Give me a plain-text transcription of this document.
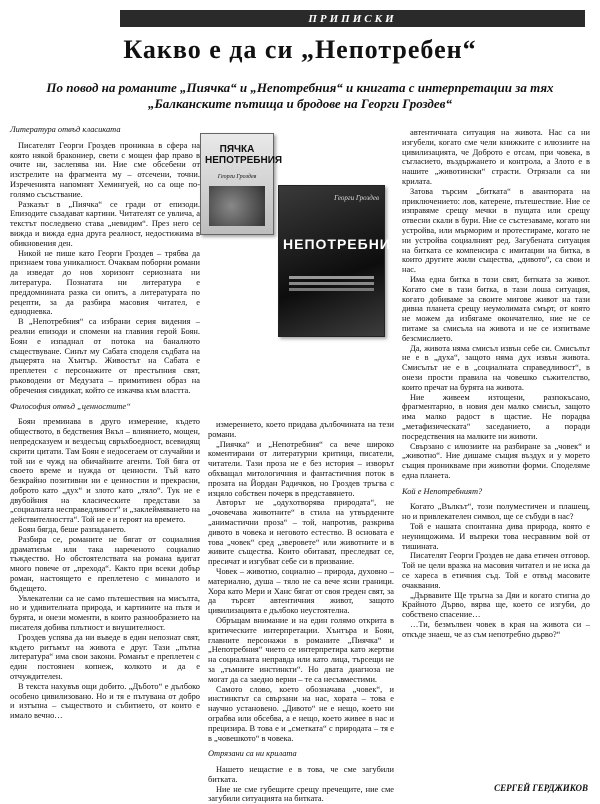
ПРИПИСКИ
Какво е да си „Непотребен“
По повод на романите „Пиячка“ и „Непотребния“ и книгата с интерпретации за тях „Балканските пътища и бродове на Георги Гроздев“

Литература отвъд класиката

Писателят Георги Гроздев проникна в сфера на която някой бракониер, свети с мощен фар право в очите ни, заслепява ни. Ние сме обсебени от изстрелите на фрагмента му – отсечени, точни. Изреченията напомнят Хемингуей, но са още по-голямо съсъствание.

Разказът в „Пиячка“ се гради от епизоди. Епизодите съзадават картини. Читателят се увлича, а текстът последвено става „невидим“. През него се вижда и вижда една друга реалност, недостижима в обикновения ден.

Никой не пише като Георги Гроздев – трябва да признаем това уникалност. Очаквам поборни романи да изведат до нов хоризонт сериозната ни литература. Познатата ни литература е преддомнината разка си опитъ, а литературата по рецепти, за да разбира масовия читател, е еднодневка.

В „Непотребния“ са избрани серия видения – реални епизоди и спомени на главния герой Боян. Боян е изпаднал от потока на баналното съществуване. Синът му Сабата споделя съдбата на дъщерята на Хънтър. Живостът на Сабата е преплетен с персонажите от престъпния свят, ръководени от Медузата – примитивен образ на обречения синдикат, който се изкачва към властта.

Философия отвъд „ценностите“

Боян преминава в друго измерение, където обществото, в бедствения Вкъл – влиянието, мощен, непредсказуем и вездесъщ свръхбоедност, всевидящ скрити цитати. Там Боян е недосегаем от случайни и той ни е чужд на обичайните агенти. Той бяга от своето време и нужда от ценности. Тъй като безкрайно позитивни ни е ценностни и прекрасни, доброто като „дух“ и злото като „тяло“. Тук не е двубойния на класическите представи за „социалната несправедливост“ и „заклеймяването на действителността“. Той не е и героят на времето.

Боян бягда, беше разпадането.

Разбира се, романите не бягат от социалния драматизъм или така нареченото социално тъждество. Но обстоятелствата на романа вдигат много повече от „прехода“. Както при всеки добър роман, настоящето е преплетено с миналото и бъдещето.

Увлекателни са не само пътешествия на мисълта, но и удивителната природа, и картините на пътя и бурята, и онези моменти, в които разнообразието на писателя добива плътност и внушителност.

Гроздев успява да ни въведе в един непознат свят, където ритъмът на живота е друг. Тази „пътна литература“ има свои закони. Романът е преплетен с един постоянен копнеж, колкото и да е отчуждителен.

В текста нахувъв ощи добито. „Дъбото“ е дълбоко особено цивилизовано. Но и тя е пътувана от добро и изтъпна – съществото и събитието, от които е имало вечно…

ПЯЧКА НЕПОТРЕБНИЯ
Георги Гроздев
Георги Гроздев
НЕПОТРЕБНИЯ

измерението, което придава дълбочината на тези романи.

„Пиячка“ и „Непотребния“ са вече широко коментирани от литературни критици, писатели, читатели. Тази проза не е без история – изворът обхващал митологичния и фантастичния поток в прозата на Йордан Радичков, но Гроздев тръгва с изцяло собствен почерк в представянето.

Авторът не „одухотворява природата“, не „очовечава животните“ в стила на утвърдените „анимастични проза“ – той, напротив, разкрива дивото в човека и неговото естество. В основата е това „човек“ сред „зверовете“ или животните и в живите същества. Които обитават, преследват се, пресичат и изгубват себе си в призвание.

Човек – животно, социално – природа, духовно – материално, душа – тяло не са вече ясни граници. Хора като Мери и Ханс бягат от своя греден свят, за да търсят автентичния живот, защото цивилизацията е дълбоко неустоятелна.

Обръщам внимание и на един голямо открита в критическите интерпретации. Хънтъра и Боян, главните персонажи в романите „Пиячка“ и „Непотребния“ чието се интерпретира като жертви на социалната неправда или като лица, търсещи не за „тъмните инстинкти“. Но двата диагноза не могат да са заедно верни – те са несъвместими.

Самото слово, което обозначава „човек“, и инстинктът са свързани на нас, хората – това е научно установено. „Дивото“ не е нещо, което ни ограбва или обсебва, а е нещо, което живее в нас и прецизира. В това е и „сметката“ с природата – тя е в „човешкото“ в човека.

Отрязани са ни крилата

Нашето нещастие е в това, че сме загубили битката.

Ние не сме губещите срещу пречещите, ние сме загубили ситуацията на битката.

автентичната ситуация на живота. Нас са ни изгубели, когато сме чели книжките с илюзиите на цивилизацията, че Доброто е отсам, при човека, в съгласието, въздържането и контрола, а Злото е в нашите „животински“ страсти. Отрязали са ни крилата.

Затова търсим „битката“ в авантюрата на приключението: лов, катерене, пътешествие. Ние се изправяме срещу мечки в пущата или срещу отвесни скали в бури. Ние се състезаваме, когато ни устройва, или мърморим и протестираме, когато не ни устройва социалният ред. Загубената ситуация на битката се компенсира с имитации на битка, в които другите жили същества, „дивото“, са свои и нас.

Има една битка в този свят, битката за живот. Когато сме в тази битка, в тази лоша ситуация, когато добиваме за своите мигове живот на тази дивна планета срещу неумолимата смърт, от която не можем да избягаме окончателно, ние не се питаме за смисъла на живота и не се изпитваме безсмислието.

Да, живота няма смисъл извън себе си. Смисълът не е в „духа“, защото няма дух извън живота. Смисълът не е в „социалната справедливост“, в онези прости правила на човешко съжителство, които пречат на бурята на живота.

Ние живеем изтощени, разпокъсано, фрагментарно, в новия ден малко смисъл, защото има малко радост в щастие. Не порадва „метафизическата“ заседанието, а поради посредствения на малките ни животи.

Свързано с илюзиите на разбиране за „човек“ и „животно“. Ние дишаме същия въздух и у морето същия проникваме при животни форми. Споделяме една планета.

Кой е Непотребният?

Когато „Вълкът“, този полуместичен и плашещ, но и привлекателен символ, ще се събуди в нас?

Той е нашата спонтанна дива природа, която е неунищожима. И въпреки това несравним вой от тишината.

Писателят Георги Гроздев не дава етичен отговор. Той не цели вразка на масовия читател и не иска да се хареса в етичния съд. Той е отвъд масовите очаквания.

„Дървавите Ще тръгна за Дяи и когато стигна до Крайното Дърво, вярва ще, което се изгуби, до собствено спасение…

…Ти, безмълвен човек в края на живота си – откъде знаеш, че аз съм непотребно дърво?“

СЕРГЕЙ ГЕРДЖИКОВ
